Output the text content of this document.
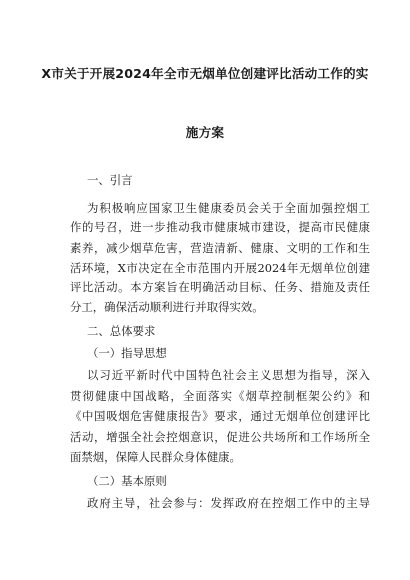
X市关于开展2024年全市无烟单位创建评比活动工作的实
施方案
一、引言
为积极响应国家卫生健康委员会关于全面加强控烟工
作的号召，进一步推动我市健康城市建设，提高市民健康
素养，减少烟草危害，营造清新、健康、文明的工作和生
活环境，X市决定在全市范围内开展2024年无烟单位创建
评比活动。本方案旨在明确活动目标、任务、措施及责任
分工，确保活动顺利进行并取得实效。
二、总体要求
（一）指导思想
以习近平新时代中国特色社会主义思想为指导，深入
贯彻健康中国战略，全面落实《烟草控制框架公约》和
《中国吸烟危害健康报告》要求，通过无烟单位创建评比
活动，增强全社会控烟意识，促进公共场所和工作场所全
面禁烟，保障人民群众身体健康。
（二）基本原则
政府主导，社会参与：发挥政府在控烟工作中的主导
